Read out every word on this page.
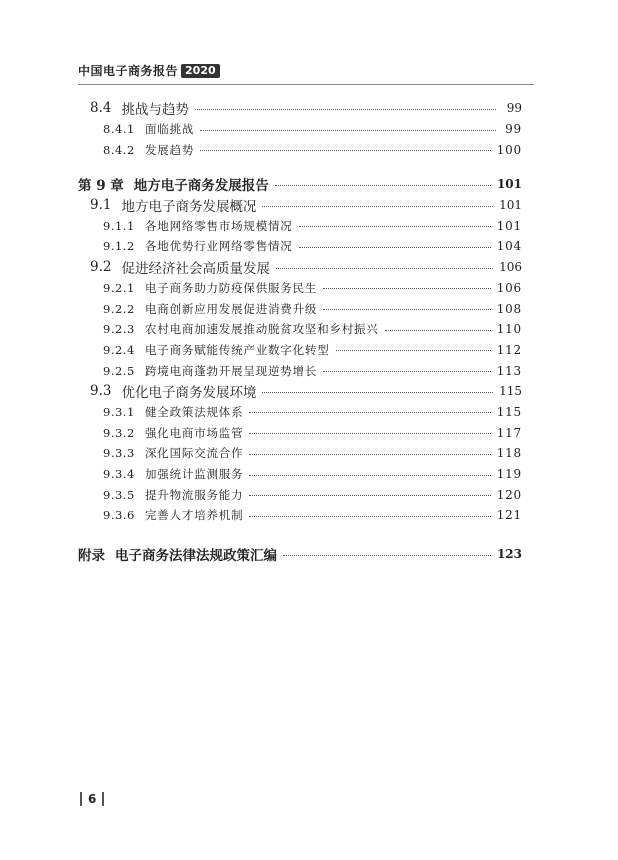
中国电子商务报告 2020
8.4 挑战与趋势	99
8.4.1 面临挑战	99
8.4.2 发展趋势	100
第 9 章 地方电子商务发展报告	101
9.1 地方电子商务发展概况	101
9.1.1 各地网络零售市场规模情况	101
9.1.2 各地优势行业网络零售情况	104
9.2 促进经济社会高质量发展	106
9.2.1 电子商务助力防疫保供服务民生	106
9.2.2 电商创新应用发展促进消费升级	108
9.2.3 农村电商加速发展推动脱贫攻坚和乡村振兴	110
9.2.4 电子商务赋能传统产业数字化转型	112
9.2.5 跨境电商蓬勃开展呈现逆势增长	113
9.3 优化电子商务发展环境	115
9.3.1 健全政策法规体系	115
9.3.2 强化电商市场监管	117
9.3.3 深化国际交流合作	118
9.3.4 加强统计监测服务	119
9.3.5 提升物流服务能力	120
9.3.6 完善人才培养机制	121
附录 电子商务法律法规政策汇编	123
6
